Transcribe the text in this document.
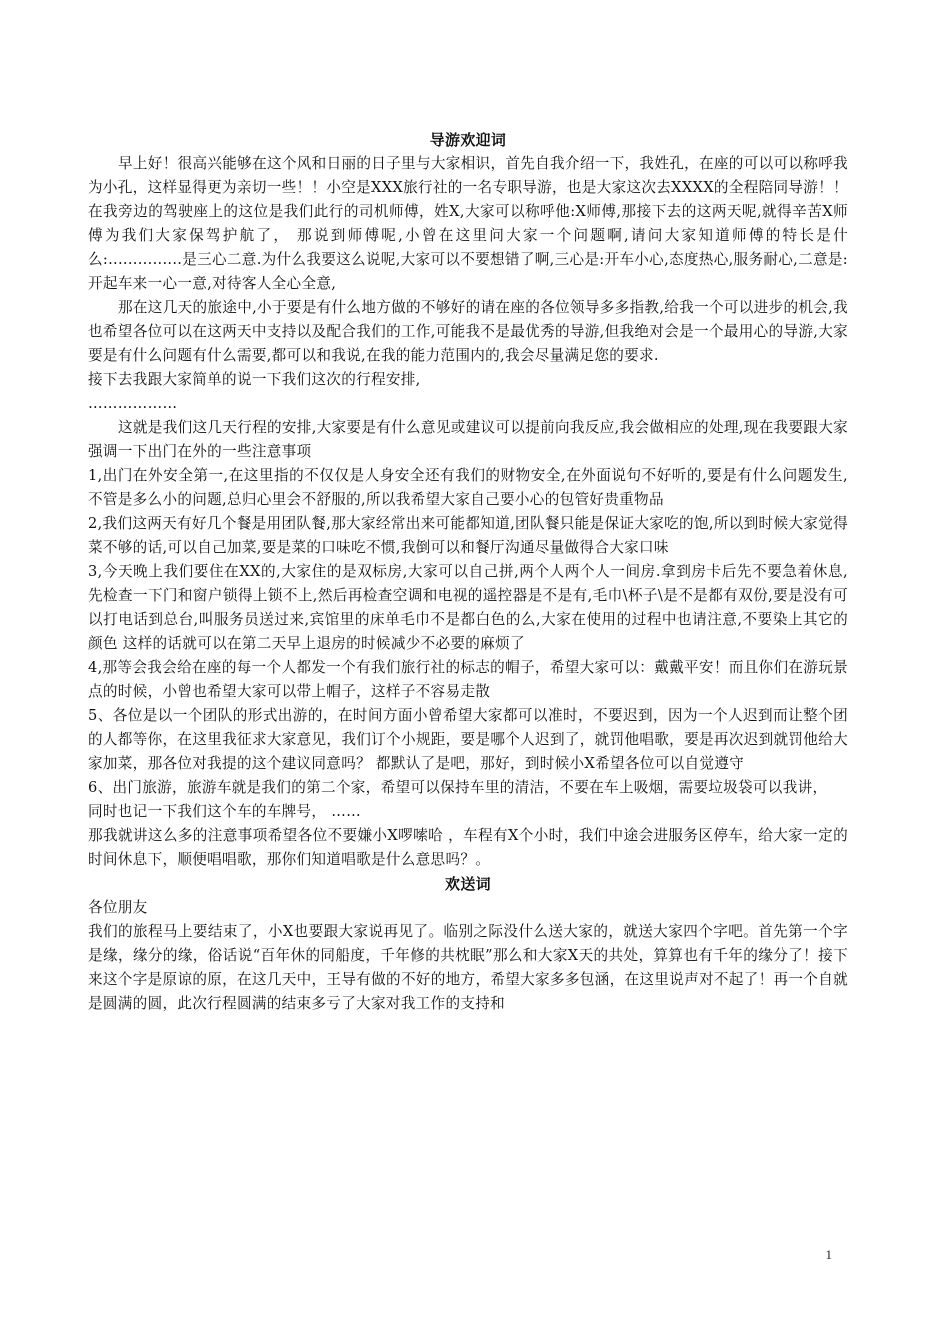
导游欢迎词

早上好！很高兴能够在这个风和日丽的日子里与大家相识，首先自我介绍一下，我姓孔，在座的可以可以称呼我为小孔，这样显得更为亲切一些！！小空是XXX旅行社的一名专职导游，也是大家这次去XXXX的全程陪同导游！！在我旁边的驾驶座上的这位是我们此行的司机师傅，姓X,大家可以称呼他:X师傅,那接下去的这两天呢,就得辛苦X师傅为我们大家保驾护航了， 那说到师傅呢,小曾在这里问大家一个问题啊,请问大家知道师傅的特长是什么:...............是三心二意.为什么我要这么说呢,大家可以不要想错了啊,三心是:开车小心,态度热心,服务耐心,二意是:开起车来一心一意,对待客人全心全意,

那在这几天的旅途中,小于要是有什么地方做的不够好的请在座的各位领导多多指教,给我一个可以进步的机会,我也希望各位可以在这两天中支持以及配合我们的工作,可能我不是最优秀的导游,但我绝对会是一个最用心的导游,大家要是有什么问题有什么需要,都可以和我说,在我的能力范围内的,我会尽量满足您的要求.

接下去我跟大家简单的说一下我们这次的行程安排,

………………

这就是我们这几天行程的安排,大家要是有什么意见或建议可以提前向我反应,我会做相应的处理,现在我要跟大家强调一下出门在外的一些注意事项

1,出门在外安全第一,在这里指的不仅仅是人身安全还有我们的财物安全,在外面说句不好听的,要是有什么问题发生,不管是多么小的问题,总归心里会不舒服的,所以我希望大家自己要小心的包管好贵重物品

2,我们这两天有好几个餐是用团队餐,那大家经常出来可能都知道,团队餐只能是保证大家吃的饱,所以到时候大家觉得菜不够的话,可以自己加菜,要是菜的口味吃不惯,我倒可以和餐厅沟通尽量做得合大家口味

3,今天晚上我们要住在XX的,大家住的是双标房,大家可以自己拼,两个人两个人一间房.拿到房卡后先不要急着休息,先检查一下门和窗户锁得上锁不上,然后再检查空调和电视的遥控器是不是有,毛巾\杯子\是不是都有双份,要是没有可以打电话到总台,叫服务员送过来,宾馆里的床单毛巾不是都白色的么,大家在使用的过程中也请注意,不要染上其它的颜色 这样的话就可以在第二天早上退房的时候减少不必要的麻烦了

4,那等会我会给在座的每一个人都发一个有我们旅行社的标志的帽子，希望大家可以：戴戴平安！而且你们在游玩景点的时候，小曾也希望大家可以带上帽子，这样子不容易走散

5、各位是以一个团队的形式出游的，在时间方面小曾希望大家都可以准时，不要迟到，因为一个人迟到而让整个团的人都等你，在这里我征求大家意见，我们订个小规距，要是哪个人迟到了，就罚他唱歌，要是再次迟到就罚他给大家加菜，那各位对我提的这个建议同意吗？ 都默认了是吧，那好，到时候小X希望各位可以自觉遵守

6、出门旅游，旅游车就是我们的第二个家，希望可以保持车里的清洁，不要在车上吸烟，需要垃圾袋可以我讲，

同时也记一下我们这个车的车牌号， ……

那我就讲这么多的注意事项希望各位不要嫌小X啰嗦哈 ，车程有X个小时，我们中途会进服务区停车，给大家一定的时间休息下，顺便唱唱歌，那你们知道唱歌是什么意思吗？。

欢送词

各位朋友

我们的旅程马上要结束了，小X也要跟大家说再见了。临别之际没什么送大家的，就送大家四个字吧。首先第一个字是缘，缘分的缘，俗话说“百年休的同船度，千年修的共枕眠”那么和大家X天的共处，算算也有千年的缘分了！接下来这个字是原谅的原，在这几天中，王导有做的不好的地方，希望大家多多包涵，在这里说声对不起了！再一个自就是圆满的圆，此次行程圆满的结束多亏了大家对我工作的支持和

1
